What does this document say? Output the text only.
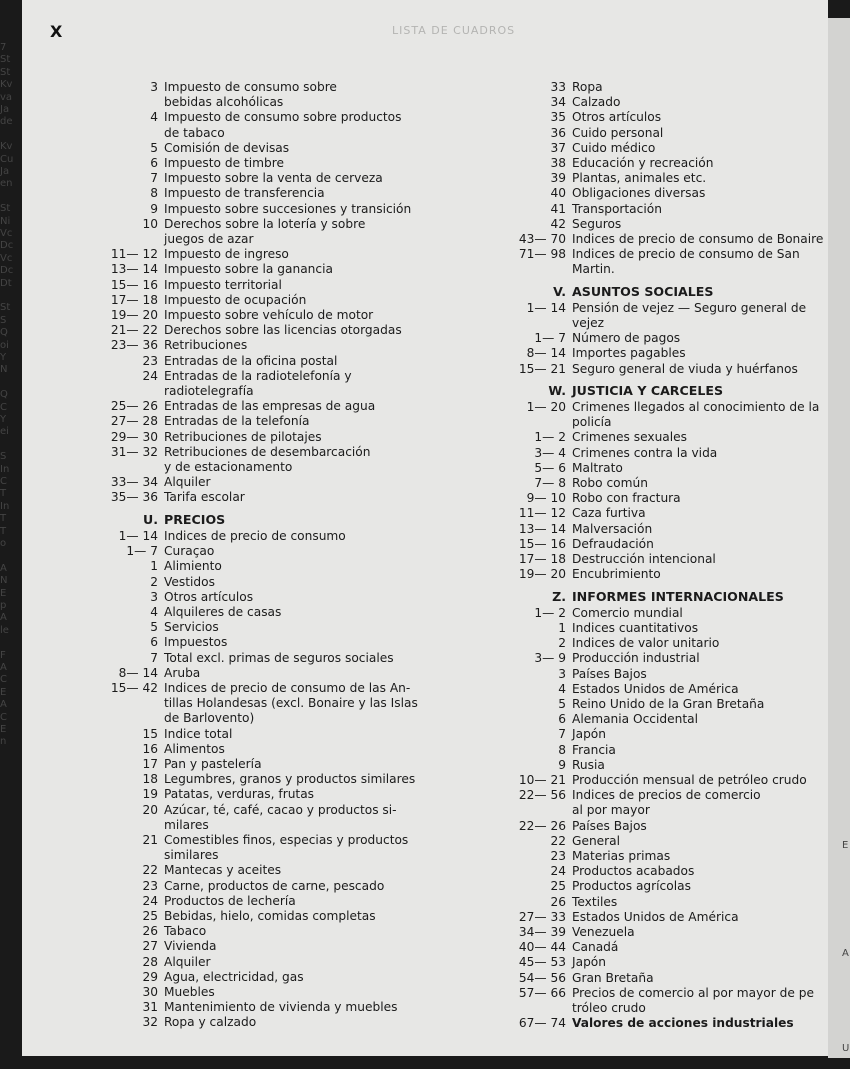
7
St
St
Kv
va
Ja
de
Kv
Cu
Ja
en
St
Ni
Vc
Dc
Vc
Dc
Dt
St
S
Q
oi
Y
N
Q
C
Y
ei
S
In
C
T
In
T
T
o
A
N
E
p
A
le
F
A
C
E
A
C
E
n
E
A
U
X	LISTA DE CUADROS
3 Impuesto de consumo sobre
bebidas alcohólicas
4 Impuesto de consumo sobre productos
de tabaco
5 Comisión de devisas
6 Impuesto de timbre
7 Impuesto sobre la venta de cerveza
8 Impuesto de transferencia
9 Impuesto sobre succesiones y transición
10 Derechos sobre la lotería y sobre
juegos de azar
11— 12 Impuesto de ingreso
13— 14 Impuesto sobre la ganancia
15— 16 Impuesto territorial
17— 18 Impuesto de ocupación
19— 20 Impuesto sobre vehículo de motor
21— 22 Derechos sobre las licencias otorgadas
23— 36 Retribuciones
23 Entradas de la oficina postal
24 Entradas de la radiotelefonía y
radiotelegrafía
25— 26 Entradas de las empresas de agua
27— 28 Entradas de la telefonía
29— 30 Retribuciones de pilotajes
31— 32 Retribuciones de desembarcación
y de estacionamento
33— 34 Alquiler
35— 36 Tarifa escolar
U. PRECIOS
1— 14 Indices de precio de consumo
1— 7 Curaçao
1 Alimiento
2 Vestidos
3 Otros artículos
4 Alquileres de casas
5 Servicios
6 Impuestos
7 Total excl. primas de seguros sociales
8— 14 Aruba
15— 42 Indices de precio de consumo de las An-
tillas Holandesas (excl. Bonaire y las Islas
de Barlovento)
15 Indice total
16 Alimentos
17 Pan y pastelería
18 Legumbres, granos y productos similares
19 Patatas, verduras, frutas
20 Azúcar, té, café, cacao y productos si-
milares
21 Comestibles finos, especias y productos
similares
22 Mantecas y aceites
23 Carne, productos de carne, pescado
24 Productos de lechería
25 Bebidas, hielo, comidas completas
26 Tabaco
27 Vivienda
28 Alquiler
29 Agua, electricidad, gas
30 Muebles
31 Mantenimiento de vivienda y muebles
32 Ropa y calzado
33 Ropa
34 Calzado
35 Otros artículos
36 Cuido personal
37 Cuido médico
38 Educación y recreación
39 Plantas, animales etc.
40 Obligaciones diversas
41 Transportación
42 Seguros
43— 70 Indices de precio de consumo de Bonaire
71— 98 Indices de precio de consumo de San
Martin.
V. ASUNTOS SOCIALES
1— 14 Pensión de vejez — Seguro general de
vejez
1— 7 Número de pagos
8— 14 Importes pagables
15— 21 Seguro general de viuda y huérfanos
W. JUSTICIA Y CARCELES
1— 20 Crimenes llegados al conocimiento de la
policía
1— 2 Crimenes sexuales
3— 4 Crimenes contra la vida
5— 6 Maltrato
7— 8 Robo común
9— 10 Robo con fractura
11— 12 Caza furtiva
13— 14 Malversación
15— 16 Defraudación
17— 18 Destrucción intencional
19— 20 Encubrimiento
Z. INFORMES INTERNACIONALES
1— 2 Comercio mundial
1 Indices cuantitativos
2 Indices de valor unitario
3— 9 Producción industrial
3 Países Bajos
4 Estados Unidos de América
5 Reino Unido de la Gran Bretaña
6 Alemania Occidental
7 Japón
8 Francia
9 Rusia
10— 21 Producción mensual de petróleo crudo
22— 56 Indices de precios de comercio
al por mayor
22— 26 Países Bajos
22 General
23 Materias primas
24 Productos acabados
25 Productos agrícolas
26 Textiles
27— 33 Estados Unidos de América
34— 39 Venezuela
40— 44 Canadá
45— 53 Japón
54— 56 Gran Bretaña
57— 66 Precios de comercio al por mayor de pe
tróleo crudo
67— 74 Valores de acciones industriales
